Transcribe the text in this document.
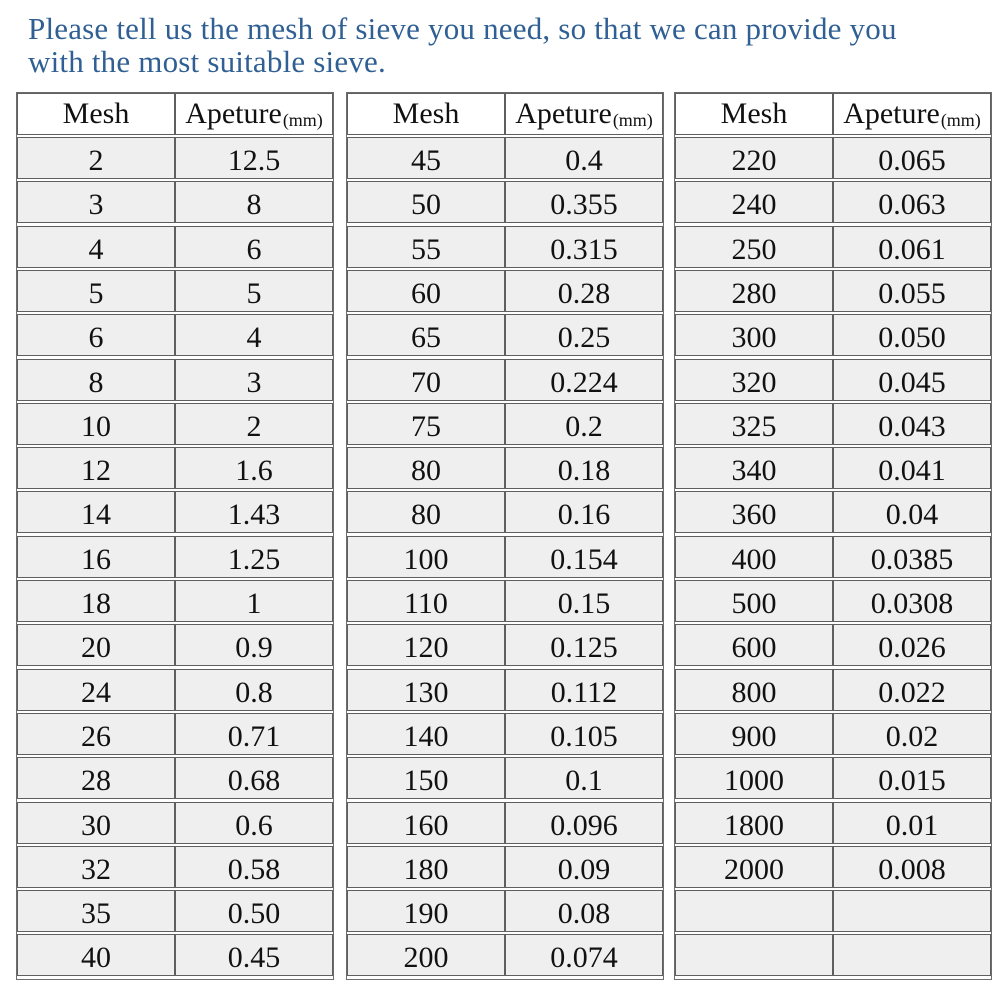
Please tell us the mesh of sieve you need, so that we can provide you
with the most suitable sieve.
Mesh Apeture (mm)
2	12.5
3	8
4	6
5	5
6	4
8	3
10	2
12	1.6
14	1.43
16	1.25
18	1
20	0.9
24	0.8
26	0.71
28	0.68
30	0.6
32	0.58
35	0.50
40	0.45
Mesh Apeture (mm)
45	0.4
50	0.355
55	0.315
60	0.28
65	0.25
70	0.224
75	0.2
80	0.18
80	0.16
100	0.154
110	0.15
120	0.125
130	0.112
140	0.105
150	0.1
160	0.096
180	0.09
190	0.08
200	0.074
Mesh Apeture (mm)
220	0.065
240	0.063
250	0.061
280	0.055
300	0.050
320	0.045
325	0.043
340	0.041
360	0.04
400	0.0385
500	0.0308
600	0.026
800	0.022
900	0.02
1000	0.015
1800	0.01
2000	0.008
